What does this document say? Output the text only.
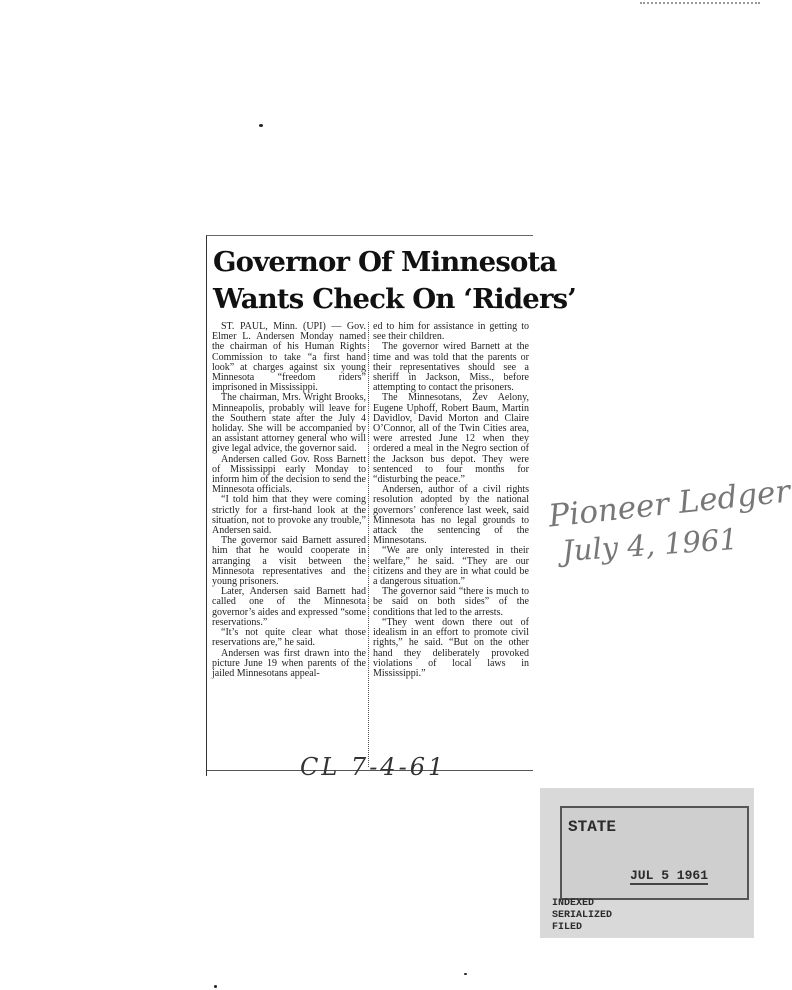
Governor Of Minnesota
Wants Check On ‘Riders’

ST. PAUL, Minn. (UPI) — Gov. Elmer L. Andersen Monday named the chairman of his Human Rights Commission to take “a first hand look” at charges against six young Minnesota “freedom riders” imprisoned in Mississippi.

The chairman, Mrs. Wright Brooks, Minneapolis, probably will leave for the Southern state after the July 4 holiday. She will be accompanied by an assistant attorney general who will give legal advice, the governor said.

Andersen called Gov. Ross Barnett of Mississippi early Monday to inform him of the decision to send the Minnesota officials.

“I told him that they were coming strictly for a first-hand look at the situation, not to provoke any trouble,” Andersen said.

The governor said Barnett assured him that he would cooperate in arranging a visit between the Minnesota representatives and the young prisoners.

Later, Andersen said Barnett had called one of the Minnesota governor’s aides and expressed “some reservations.”

“It’s not quite clear what those reservations are,” he said.

Andersen was first drawn into the picture June 19 when parents of the jailed Minnesotans appeal-

ed to him for assistance in getting to see their children.

The governor wired Barnett at the time and was told that the parents or their representatives should see a sheriff in Jackson, Miss., before attempting to contact the prisoners.

The Minnesotans, Zev Aelony, Eugene Uphoff, Robert Baum, Martin Davidlov, David Morton and Claire O’Connor, all of the Twin Cities area, were arrested June 12 when they ordered a meal in the Negro section of the Jackson bus depot. They were sentenced to four months for “disturbing the peace.”

Andersen, author of a civil rights resolution adopted by the national governors’ conference last week, said Minnesota has no legal grounds to attack the sentencing of the Minnesotans.

“We are only interested in their welfare,” he said. “They are our citizens and they are in what could be a dangerous situation.”

The governor said “there is much to be said on both sides” of the conditions that led to the arrests.

“They went down there out of idealism in an effort to promote civil rights,” he said. “But on the other hand they deliberately provoked violations of local laws in Mississippi.”

Pioneer Ledger
July 4, 1961
CL 7-4-61
STATE
JUL 5 1961
INDEXED
SERIALIZED
FILED
